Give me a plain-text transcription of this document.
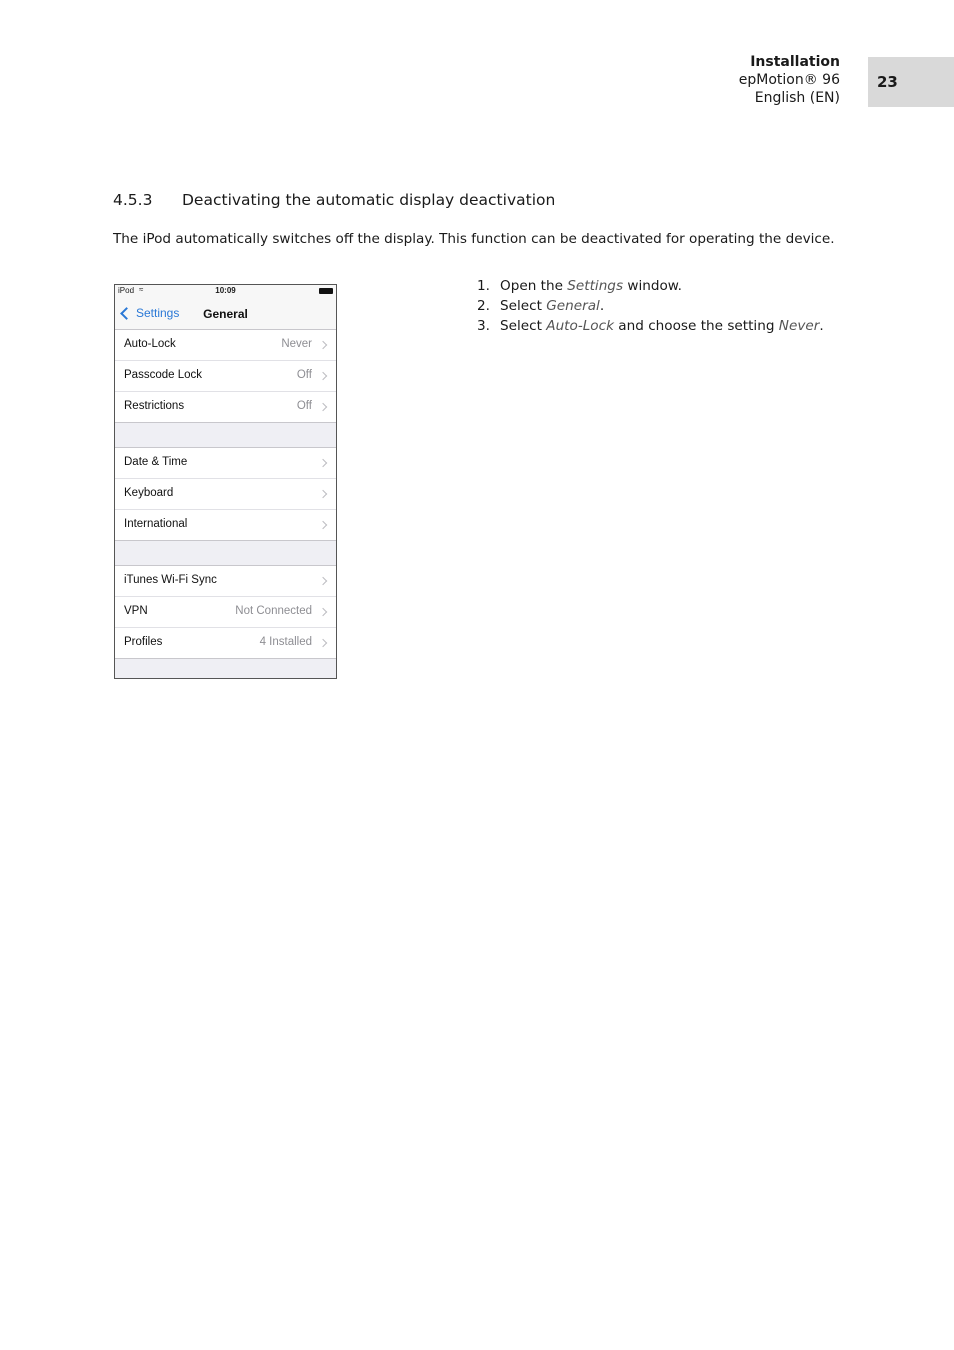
Installation
epMotion® 96
English (EN)
23
4.5.3 Deactivating the automatic display deactivation
The iPod automatically switches off the display. This function can be deactivated for operating the device.
1. Open the Settings window.
2. Select General.
3. Select Auto-Lock and choose the setting Never.
iPod ≈	10:09
Settings	General
Auto-Lock	Never
Passcode Lock	Off
Restrictions	Off
Date & Time
Keyboard
International
iTunes Wi-Fi Sync
VPN	Not Connected
Profiles	4 Installed
